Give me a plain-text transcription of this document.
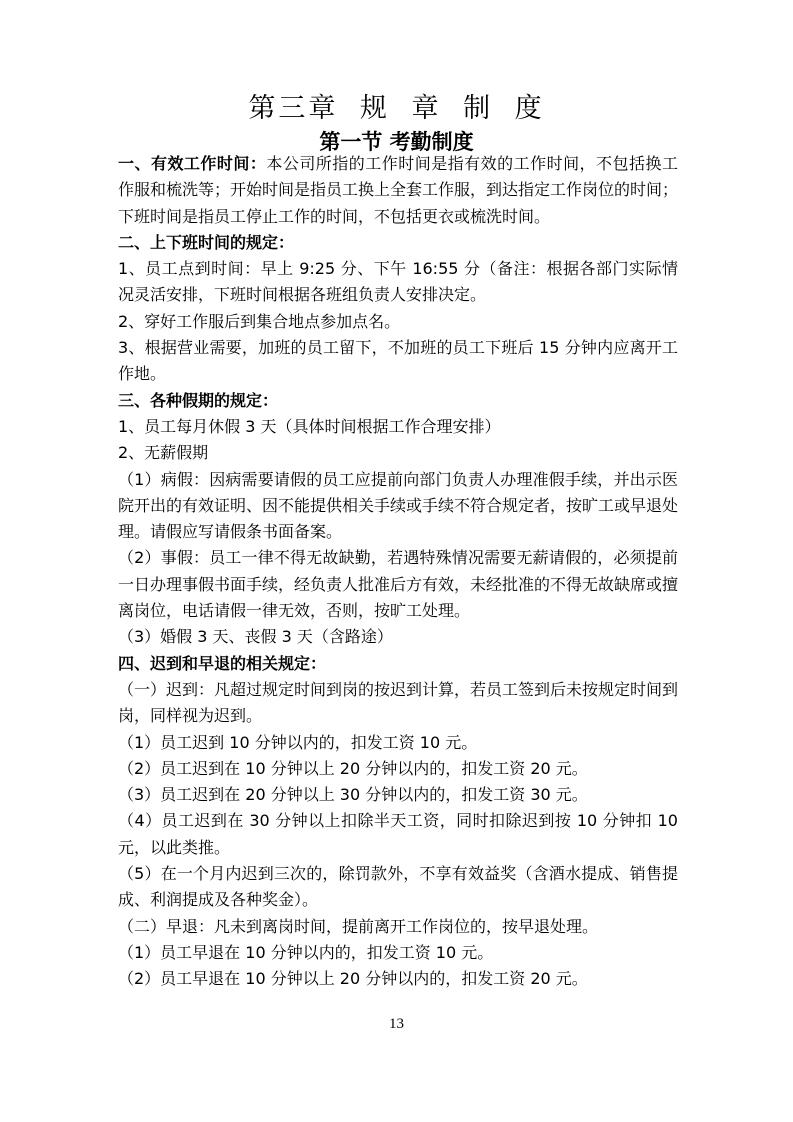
第三章 规 章 制 度
第一节 考勤制度

一、有效工作时间：本公司所指的工作时间是指有效的工作时间，不包括换工作服和梳洗等；开始时间是指员工换上全套工作服，到达指定工作岗位的时间；下班时间是指员工停止工作的时间，不包括更衣或梳洗时间。

二、上下班时间的规定：

1、员工点到时间：早上 9:25 分、下午 16:55 分（备注：根据各部门实际情况灵活安排，下班时间根据各班组负责人安排决定。

2、穿好工作服后到集合地点参加点名。

3、根据营业需要，加班的员工留下，不加班的员工下班后 15 分钟内应离开工作地。

三、各种假期的规定：

1、员工每月休假 3 天（具体时间根据工作合理安排）

2、无薪假期

（1）病假：因病需要请假的员工应提前向部门负责人办理准假手续，并出示医院开出的有效证明、因不能提供相关手续或手续不符合规定者，按旷工或早退处理。请假应写请假条书面备案。

（2）事假：员工一律不得无故缺勤，若遇特殊情况需要无薪请假的，必须提前一日办理事假书面手续，经负责人批准后方有效，未经批准的不得无故缺席或擅离岗位，电话请假一律无效，否则，按旷工处理。

（3）婚假 3 天、丧假 3 天（含路途）

四、迟到和早退的相关规定：

（一）迟到：凡超过规定时间到岗的按迟到计算，若员工签到后未按规定时间到岗，同样视为迟到。

（1）员工迟到 10 分钟以内的，扣发工资 10 元。

（2）员工迟到在 10 分钟以上 20 分钟以内的，扣发工资 20 元。

（3）员工迟到在 20 分钟以上 30 分钟以内的，扣发工资 30 元。

（4）员工迟到在 30 分钟以上扣除半天工资，同时扣除迟到按 10 分钟扣 10 元，以此类推。

（5）在一个月内迟到三次的，除罚款外，不享有效益奖（含酒水提成、销售提成、利润提成及各种奖金）。

（二）早退：凡未到离岗时间，提前离开工作岗位的，按早退处理。

（1）员工早退在 10 分钟以内的，扣发工资 10 元。

（2）员工早退在 10 分钟以上 20 分钟以内的，扣发工资 20 元。

13
